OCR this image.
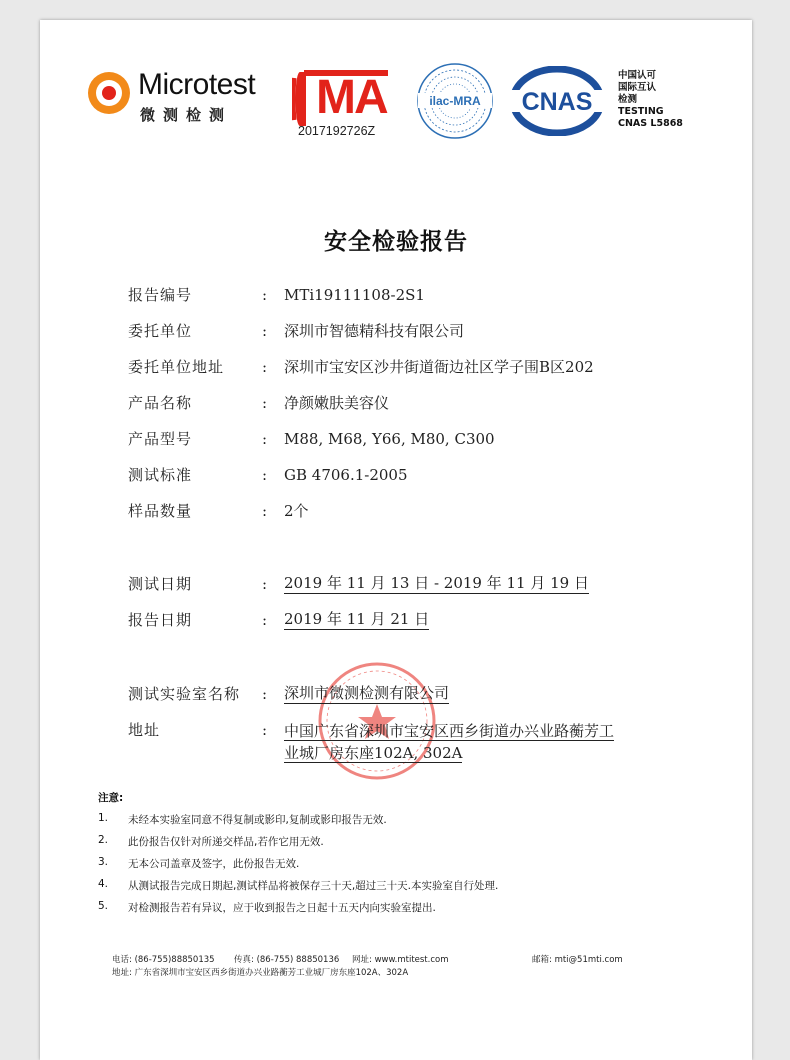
Microtest
微测检测 MA
2017192726Z
ilac-MRA CNAS
中国认可
国际互认
检测
TESTING
CNAS L5868
安全检验报告
报告编号	: MTi19111108-2S1
委托单位	: 深圳市智德精科技有限公司
委托单位地址	: 深圳市宝安区沙井街道衙边社区学子围B区202
产品名称	: 净颜嫩肤美容仪
产品型号	: M88, M68, Y66, M80, C300
测试标准	: GB 4706.1-2005
样品数量	: 2个
测试日期	: 2019 年 11 月 13 日 - 2019 年 11 月 19 日
报告日期	: 2019 年 11 月 21 日
测试实验室名称 : 深圳市微测检测有限公司
地址	: 中国广东省深圳市宝安区西乡街道办兴业路蘅芳工
业城厂房东座102A, 302A
注意:
1. 未经本实验室同意不得复制或影印,复制或影印报告无效.
2. 此份报告仅针对所递交样品,若作它用无效.
3. 无本公司盖章及签字，此份报告无效.
4. 从测试报告完成日期起,测试样品将被保存三十天,超过三十天.本实验室自行处理.
5. 对检测报告若有异议，应于收到报告之日起十五天内向实验室提出.
电话: (86-755)88850135 传真: (86-755) 88850136 网址: www.mtitest.com	邮箱: mti@51mti.com
地址: 广东省深圳市宝安区西乡街道办兴业路蘅芳工业城厂房东座102A、302A
